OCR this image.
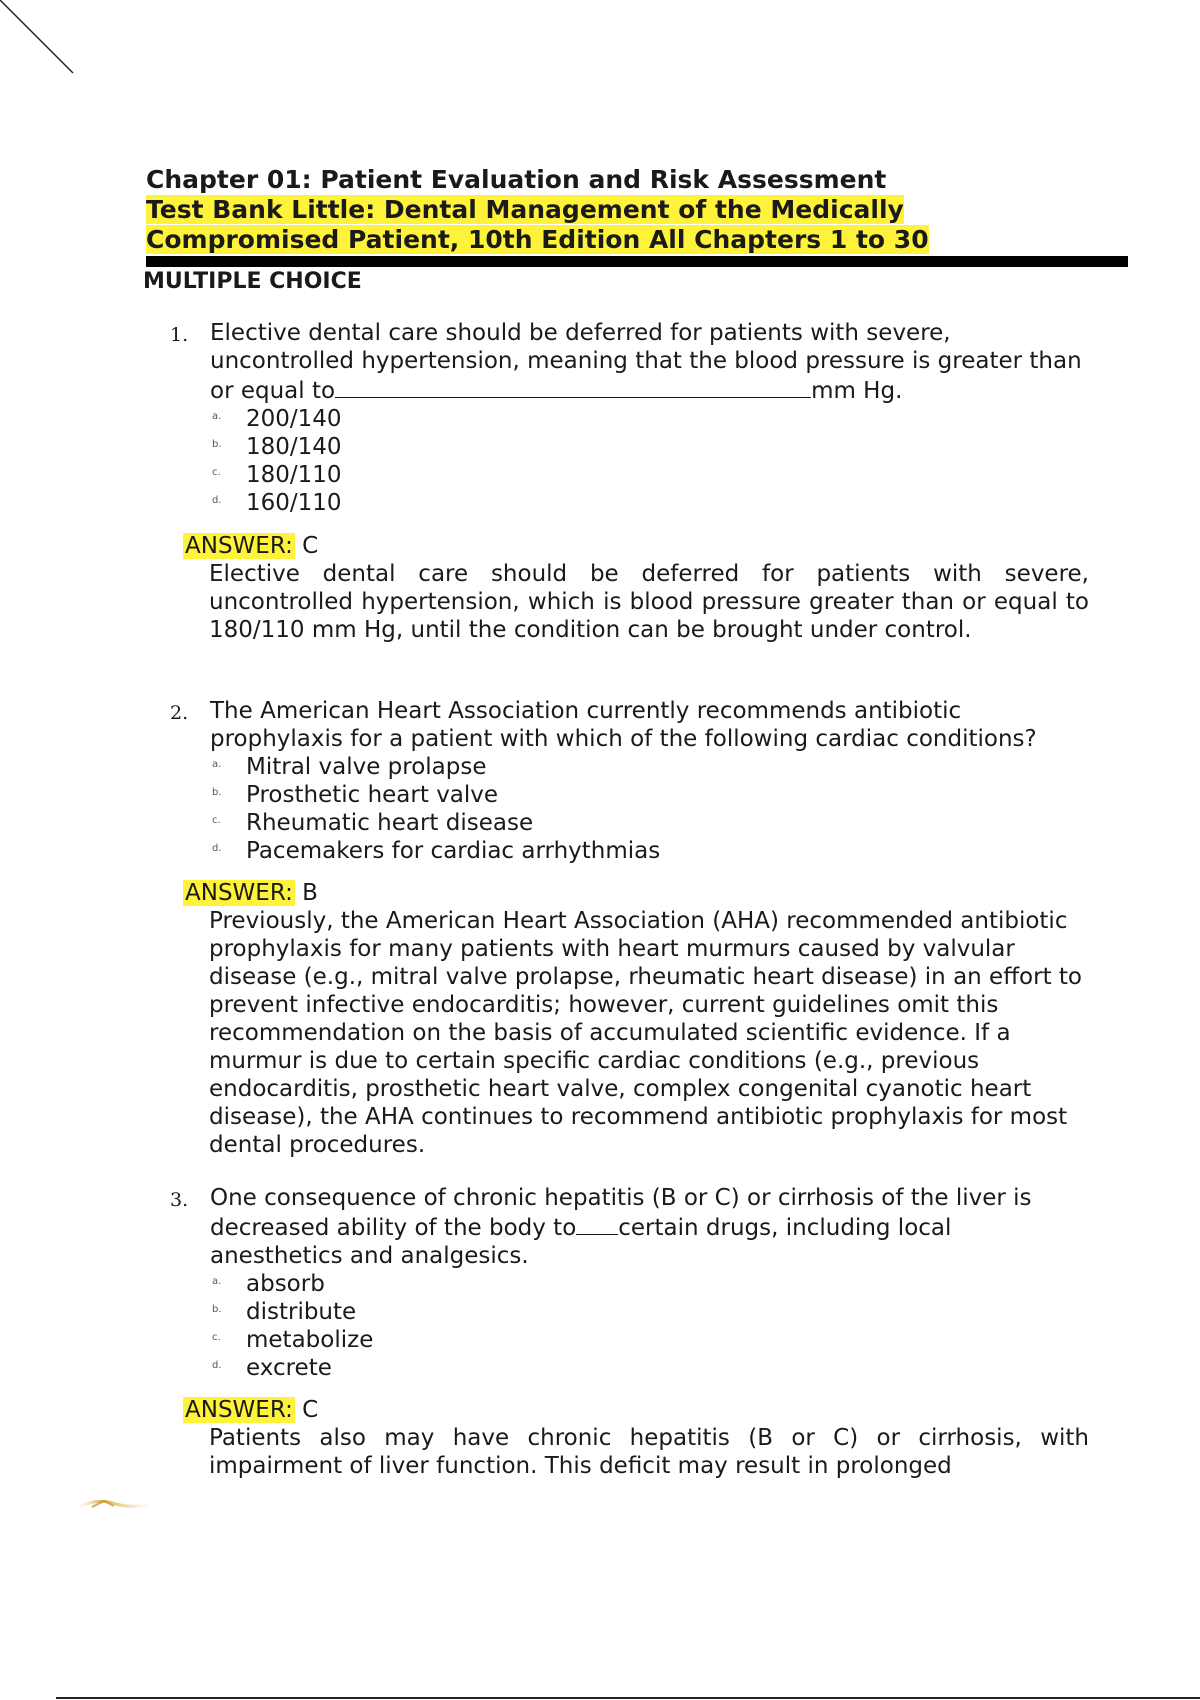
Chapter 01: Patient Evaluation and Risk Assessment
Test Bank Little: Dental Management of the Medically
Compromised Patient, 10th Edition All Chapters 1 to 30
MULTIPLE CHOICE
1. Elective dental care should be deferred for patients with severe, uncontrolled hypertension, meaning that the blood pressure is greater than or equal to	mm Hg.
a. 200/140
b. 180/140
c. 180/110
d. 160/110
ANSWER: C
Elective dental care should be deferred for patients with severe, uncontrolled hypertension, which is blood pressure greater than or equal to 180/110 mm Hg, until the condition can be brought under control.
2. The American Heart Association currently recommends antibiotic prophylaxis for a patient with which of the following cardiac conditions?
a. Mitral valve prolapse
b. Prosthetic heart valve
c. Rheumatic heart disease
d. Pacemakers for cardiac arrhythmias
ANSWER: B
Previously, the American Heart Association (AHA) recommended antibiotic prophylaxis for many patients with heart murmurs caused by valvular disease (e.g., mitral valve prolapse, rheumatic heart disease) in an effort to prevent infective endocarditis; however, current guidelines omit this recommendation on the basis of accumulated scientific evidence. If a murmur is due to certain specific cardiac conditions (e.g., previous endocarditis, prosthetic heart valve, complex congenital cyanotic heart disease), the AHA continues to recommend antibiotic prophylaxis for most dental procedures.
3. One consequence of chronic hepatitis (B or C) or cirrhosis of the liver is decreased ability of the body to certain drugs, including local anesthetics and analgesics.
a. absorb
b. distribute
c. metabolize
d. excrete
ANSWER: C
Patients also may have chronic hepatitis (B or C) or cirrhosis, with impairment of liver function. This deficit may result in prolonged
